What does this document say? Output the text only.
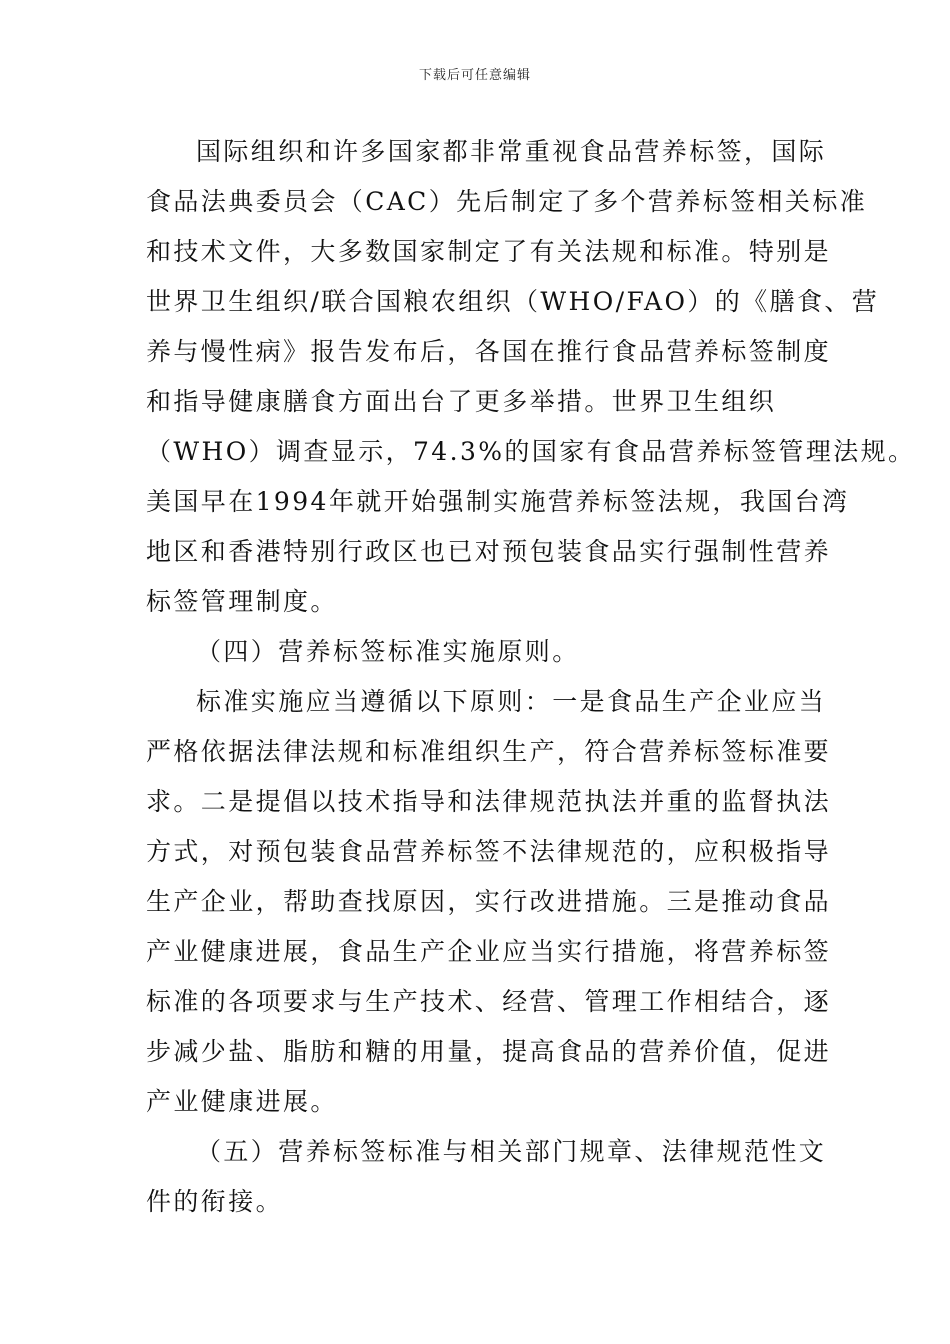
下载后可任意编辑
国际组织和许多国家都非常重视食品营养标签，国际
食品法典委员会（CAC）先后制定了多个营养标签相关标准
和技术文件，大多数国家制定了有关法规和标准。特别是
世界卫生组织/联合国粮农组织（WHO/FAO）的《膳食、营
养与慢性病》报告发布后，各国在推行食品营养标签制度
和指导健康膳食方面出台了更多举措。世界卫生组织
（WHO）调查显示，74.3%的国家有食品营养标签管理法规。
美国早在1994年就开始强制实施营养标签法规，我国台湾
地区和香港特别行政区也已对预包装食品实行强制性营养
标签管理制度。
（四）营养标签标准实施原则。
标准实施应当遵循以下原则：一是食品生产企业应当
严格依据法律法规和标准组织生产，符合营养标签标准要
求。二是提倡以技术指导和法律规范执法并重的监督执法
方式，对预包装食品营养标签不法律规范的，应积极指导
生产企业，帮助查找原因，实行改进措施。三是推动食品
产业健康进展，食品生产企业应当实行措施，将营养标签
标准的各项要求与生产技术、经营、管理工作相结合，逐
步减少盐、脂肪和糖的用量，提高食品的营养价值，促进
产业健康进展。
（五）营养标签标准与相关部门规章、法律规范性文
件的衔接。
